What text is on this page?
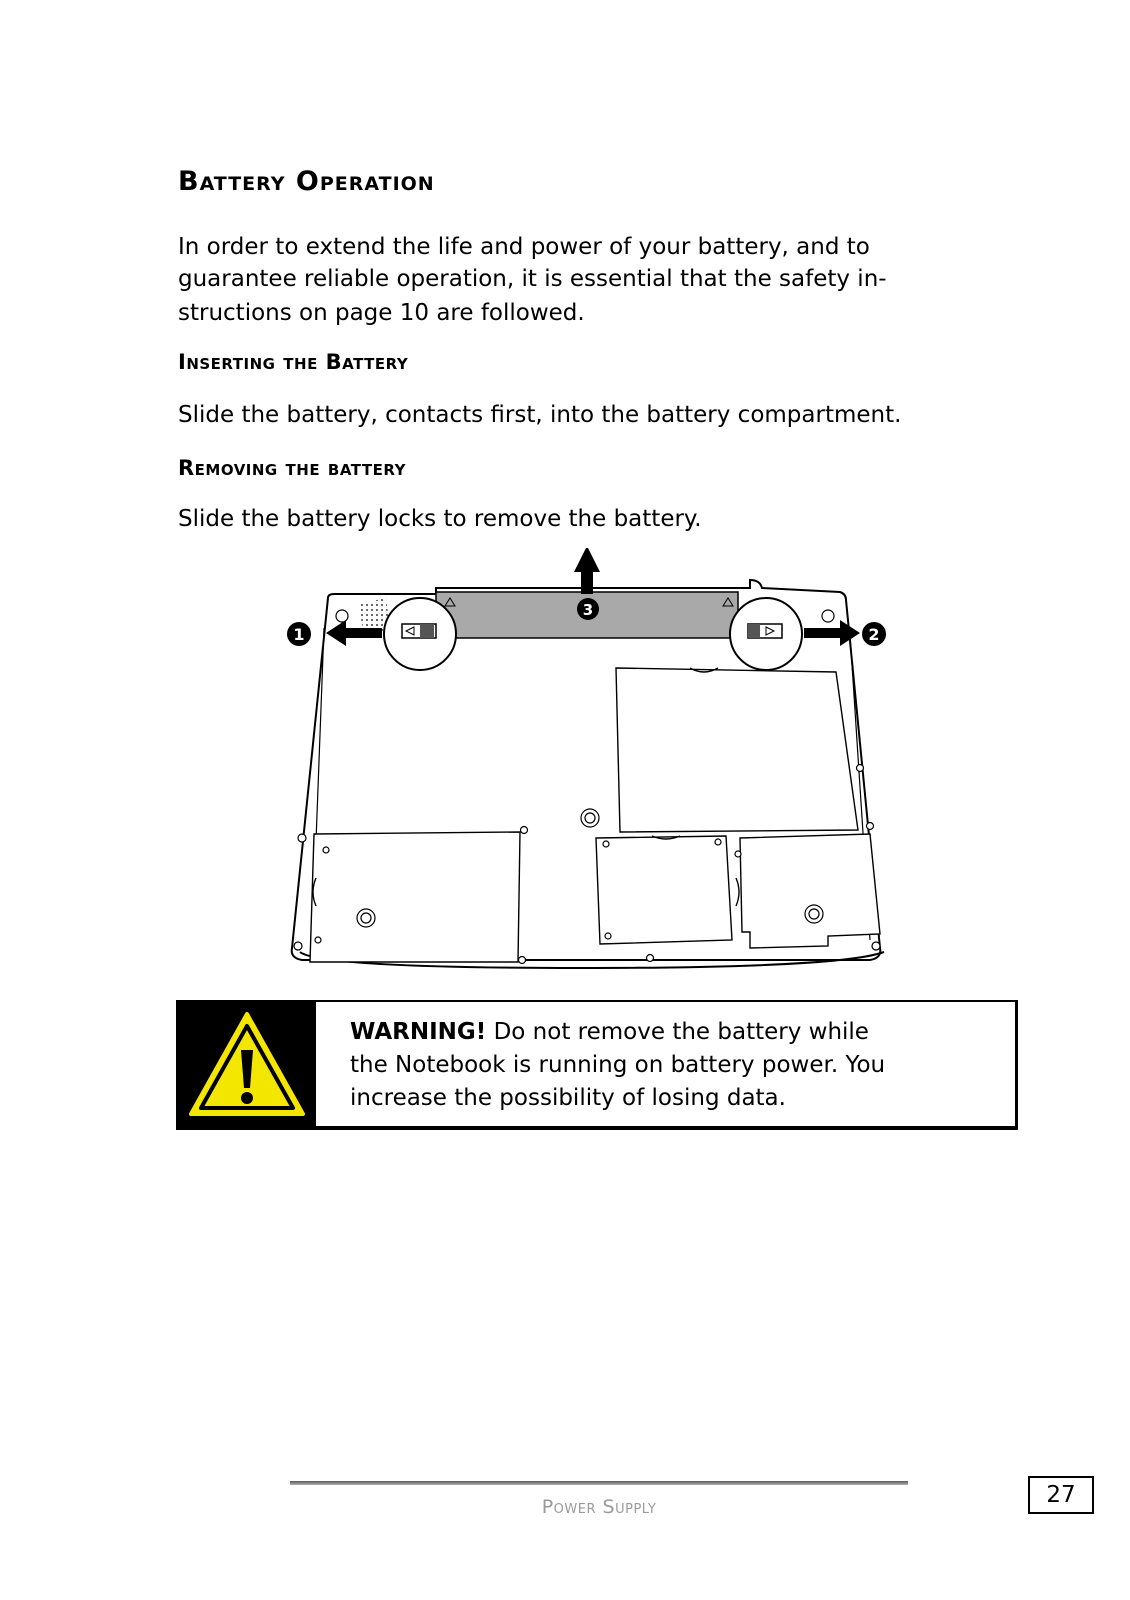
Battery Operation
In order to extend the life and power of your battery, and to
guarantee reliable operation, it is essential that the safety in-
structions on page 10 are followed.
Inserting the Battery
Slide the battery, contacts first, into the battery compartment.
Removing the battery
Slide the battery locks to remove the battery.
1	2
3
WARNING! Do not remove the battery while
the Notebook is running on battery power. You
increase the possibility of losing data.
Power Supply	27
